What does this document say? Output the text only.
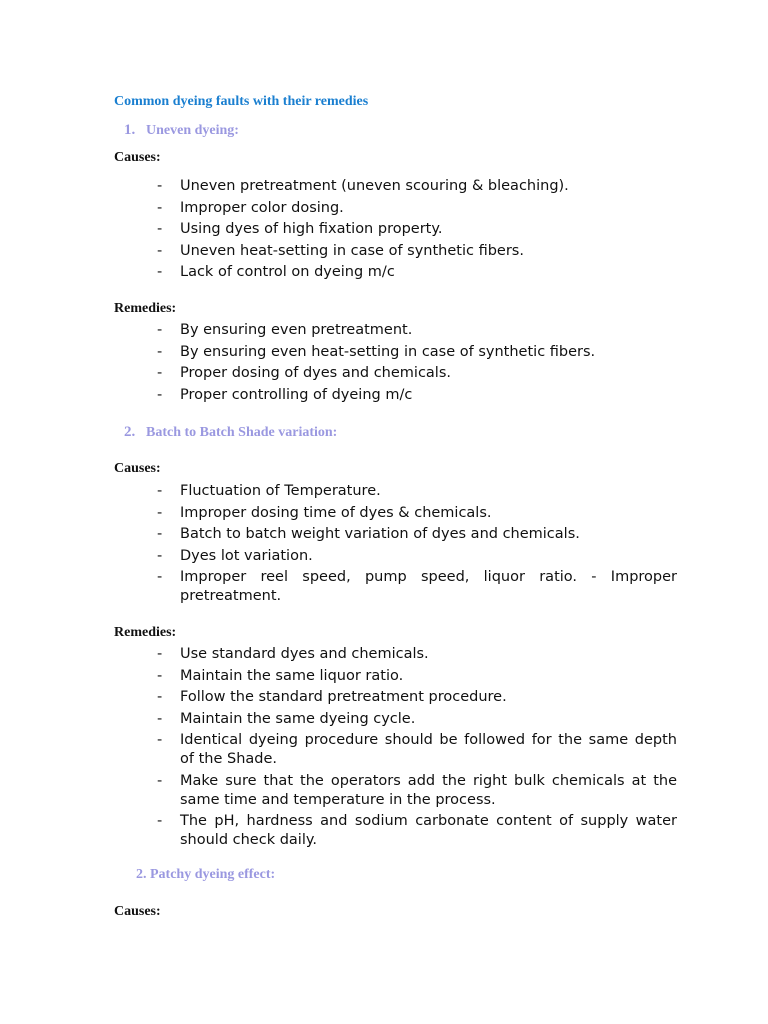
Common dyeing faults with their remedies
1. Uneven dyeing:
Causes:
- Uneven pretreatment (uneven scouring & bleaching).
- Improper color dosing.
- Using dyes of high fixation property.
- Uneven heat-setting in case of synthetic fibers.
- Lack of control on dyeing m/c
Remedies:
- By ensuring even pretreatment.
- By ensuring even heat-setting in case of synthetic fibers.
- Proper dosing of dyes and chemicals.
- Proper controlling of dyeing m/c
2. Batch to Batch Shade variation:
Causes:
- Fluctuation of Temperature.
- Improper dosing time of dyes & chemicals.
- Batch to batch weight variation of dyes and chemicals.
- Dyes lot variation.
- Improper reel speed, pump speed, liquor ratio. - Improper pretreatment.
Remedies:
- Use standard dyes and chemicals.
- Maintain the same liquor ratio.
- Follow the standard pretreatment procedure.
- Maintain the same dyeing cycle.
- Identical dyeing procedure should be followed for the same depth of the Shade.
- Make sure that the operators add the right bulk chemicals at the same time and temperature in the process.
- The pH, hardness and sodium carbonate content of supply water should check daily.
2. Patchy dyeing effect:
Causes:
